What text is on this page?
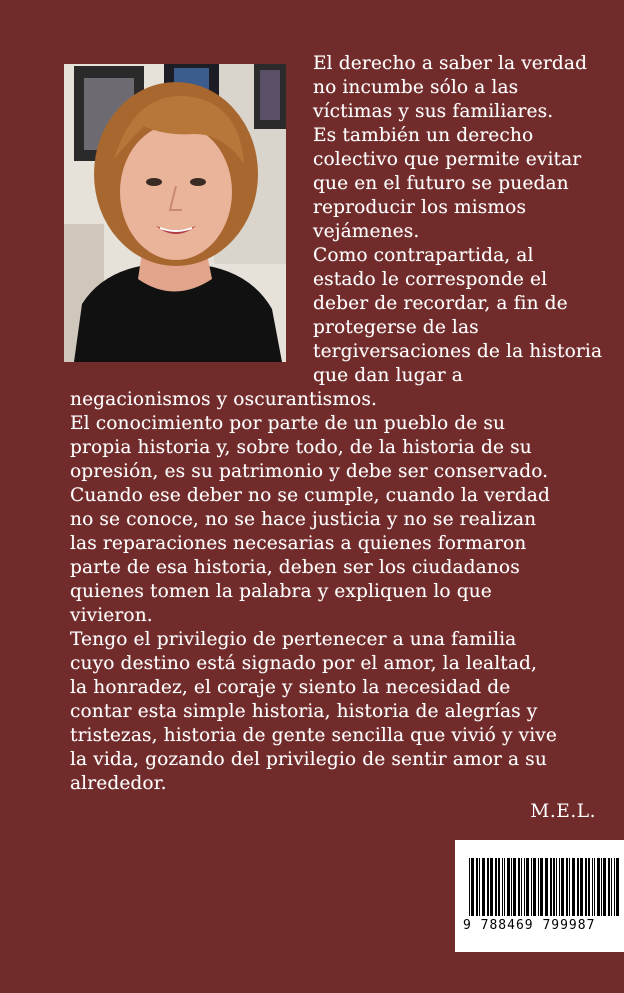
El derecho a saber la verdad
no incumbe sólo a las
víctimas y sus familiares.
Es también un derecho
colectivo que permite evitar
que en el futuro se puedan
reproducir los mismos
vejámenes.
Como contrapartida, al
estado le corresponde el
deber de recordar, a fin de
protegerse de las
tergiversaciones de la historia
que dan lugar a
negacionismos y oscurantismos.
El conocimiento por parte de un pueblo de su
propia historia y, sobre todo, de la historia de su
opresión, es su patrimonio y debe ser conservado.
Cuando ese deber no se cumple, cuando la verdad
no se conoce, no se hace justicia y no se realizan
las reparaciones necesarias a quienes formaron
parte de esa historia, deben ser los ciudadanos
quienes tomen la palabra y expliquen lo que
vivieron.
Tengo el privilegio de pertenecer a una familia
cuyo destino está signado por el amor, la lealtad,
la honradez, el coraje y siento la necesidad de
contar esta simple historia, historia de alegrías y
tristezas, historia de gente sencilla que vivió y vive
la vida, gozando del privilegio de sentir amor a su
alrededor.
M.E.L.
9 788469 799987
